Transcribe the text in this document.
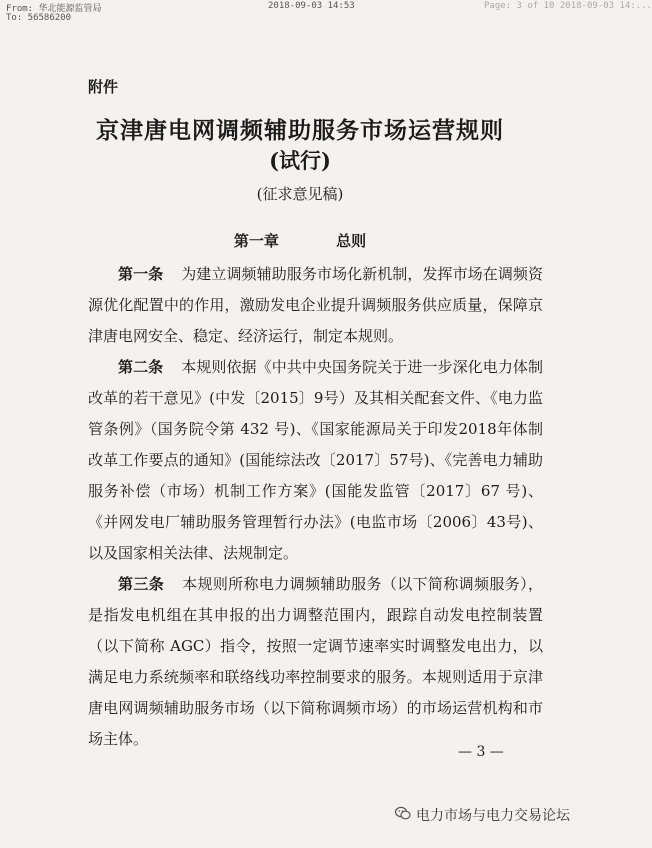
From: 华北能源监管局
To: 56586200
2018-09-03 14:53	Page: 3 of 10 2018-09-03 14:...
附件
京津唐电网调频辅助服务市场运营规则
(试行)
(征求意见稿)
第一章	总则

第一条 为建立调频辅助服务市场化新机制，发挥市场在调频资源优化配置中的作用，激励发电企业提升调频服务供应质量，保障京津唐电网安全、稳定、经济运行，制定本规则。

第二条 本规则依据《中共中央国务院关于进一步深化电力体制改革的若干意见》(中发〔2015〕9号）及其相关配套文件、《电力监管条例》（国务院令第 432 号)、《国家能源局关于印发2018年体制改革工作要点的通知》(国能综法改〔2017〕57号)、《完善电力辅助服务补偿（市场）机制工作方案》(国能发监管〔2017〕67 号)、《并网发电厂辅助服务管理暂行办法》(电监市场〔2006〕43号)、以及国家相关法律、法规制定。

第三条 本规则所称电力调频辅助服务（以下简称调频服务），是指发电机组在其申报的出力调整范围内，跟踪自动发电控制装置（以下简称 AGC）指令，按照一定调节速率实时调整发电出力，以满足电力系统频率和联络线功率控制要求的服务。本规则适用于京津唐电网调频辅助服务市场（以下简称调频市场）的市场运营机构和市场主体。

— 3 —
电力市场与电力交易论坛
